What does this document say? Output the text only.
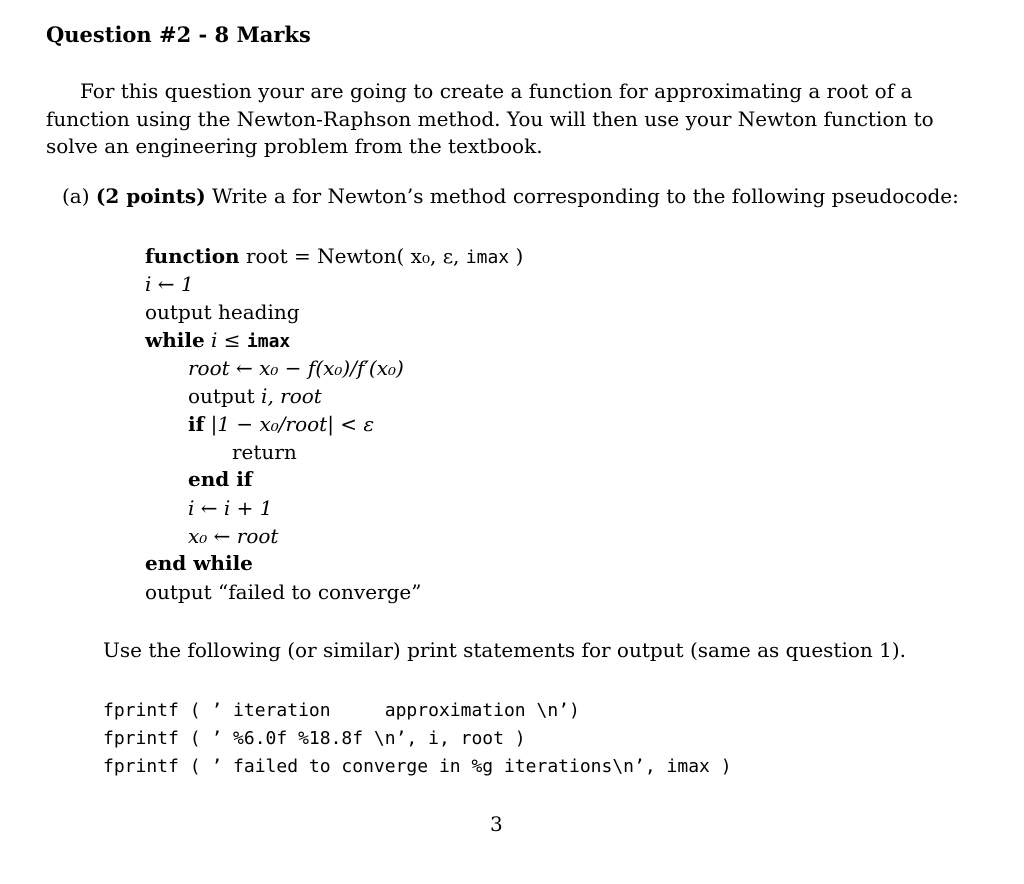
Question #2 - 8 Marks
For this question your are going to create a function for approximating a root of a function using the Newton-Raphson method. You will then use your Newton function to solve an engineering problem from the textbook.
(a) (2 points) Write a for Newton’s method corresponding to the following pseudocode:
function root = Newton( x₀, ε, imax )
i ← 1
output heading
while i ≤ imax
root ← x₀ − f(x₀)/f′(x₀)
output i, root
if |1 − x₀/root| < ε
return
end if
i ← i + 1
x₀ ← root
end while
output “failed to converge”
Use the following (or similar) print statements for output (same as question 1).
fprintf ( ’ iteration     approximation \n’)
fprintf ( ’ %6.0f %18.8f \n’, i, root )
fprintf ( ’ failed to converge in %g iterations\n’, imax )
3
